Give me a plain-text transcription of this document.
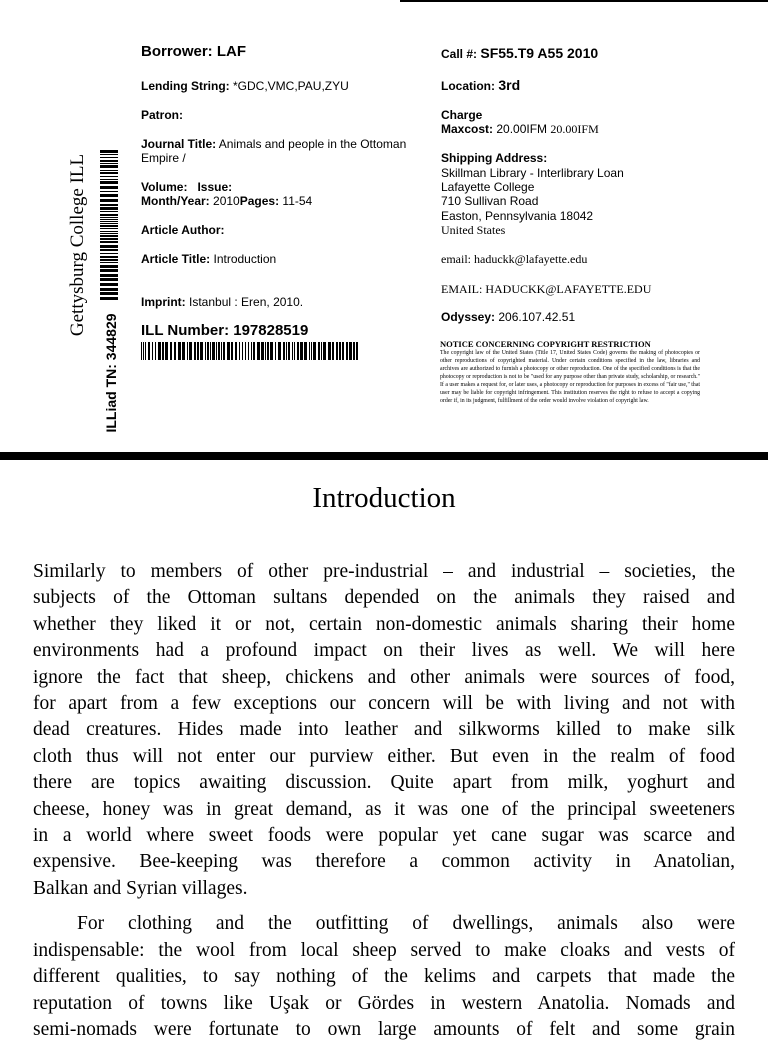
Gettysburg College ILL
ILLiad TN: 344829
Borrower: LAF
Lending String: *GDC,VMC,PAU,ZYU
Patron:
Journal Title: Animals and people in the Ottoman
Empire /
Volume: Issue:
Month/Year: 2010Pages: 11-54
Article Author:
Article Title: Introduction
Imprint: Istanbul : Eren, 2010.
ILL Number: 197828519
Call #: SF55.T9 A55 2010
Location: 3rd
Charge
Maxcost: 20.00IFM 20.00IFM
Shipping Address:
Skillman Library - Interlibrary Loan
Lafayette College
710 Sullivan Road
Easton, Pennsylvania 18042
United States
email: haduckk@lafayette.edu
EMAIL: HADUCKK@LAFAYETTE.EDU
Odyssey: 206.107.42.51
NOTICE CONCERNING COPYRIGHT RESTRICTION
The copyright law of the United States (Title 17, United States Code) governs the making of photocopies or other reproductions of copyrighted material. Under certain conditions specified in the law, libraries and archives are authorized to furnish a photocopy or other reproduction. One of the specified conditions is that the photocopy or reproduction is not to be "used for any purpose other than private study, scholarship, or research." If a user makes a request for, or later uses, a photocopy or reproduction for purposes in excess of "fair use," that user may be liable for copyright infringement. This institution reserves the right to refuse to accept a copying order if, in its judgment, fulfillment of the order would involve violation of copyright law.
Introduction
Similarly to members of other pre-industrial – and industrial – societies, the
subjects of the Ottoman sultans depended on the animals they raised and
whether they liked it or not, certain non-domestic animals sharing their home
environments had a profound impact on their lives as well. We will here
ignore the fact that sheep, chickens and other animals were sources of food,
for apart from a few exceptions our concern will be with living and not with
dead creatures. Hides made into leather and silkworms killed to make silk
cloth thus will not enter our purview either. But even in the realm of food
there are topics awaiting discussion. Quite apart from milk, yoghurt and
cheese, honey was in great demand, as it was one of the principal sweeteners
in a world where sweet foods were popular yet cane sugar was scarce and
expensive. Bee-keeping was therefore a common activity in Anatolian,
Balkan and Syrian villages.
For clothing and the outfitting of dwellings, animals also were
indispensable: the wool from local sheep served to make cloaks and vests of
different qualities, to say nothing of the kelims and carpets that made the
reputation of towns like Uşak or Gördes in western Anatolia. Nomads and
semi-nomads were fortunate to own large amounts of felt and some grain
